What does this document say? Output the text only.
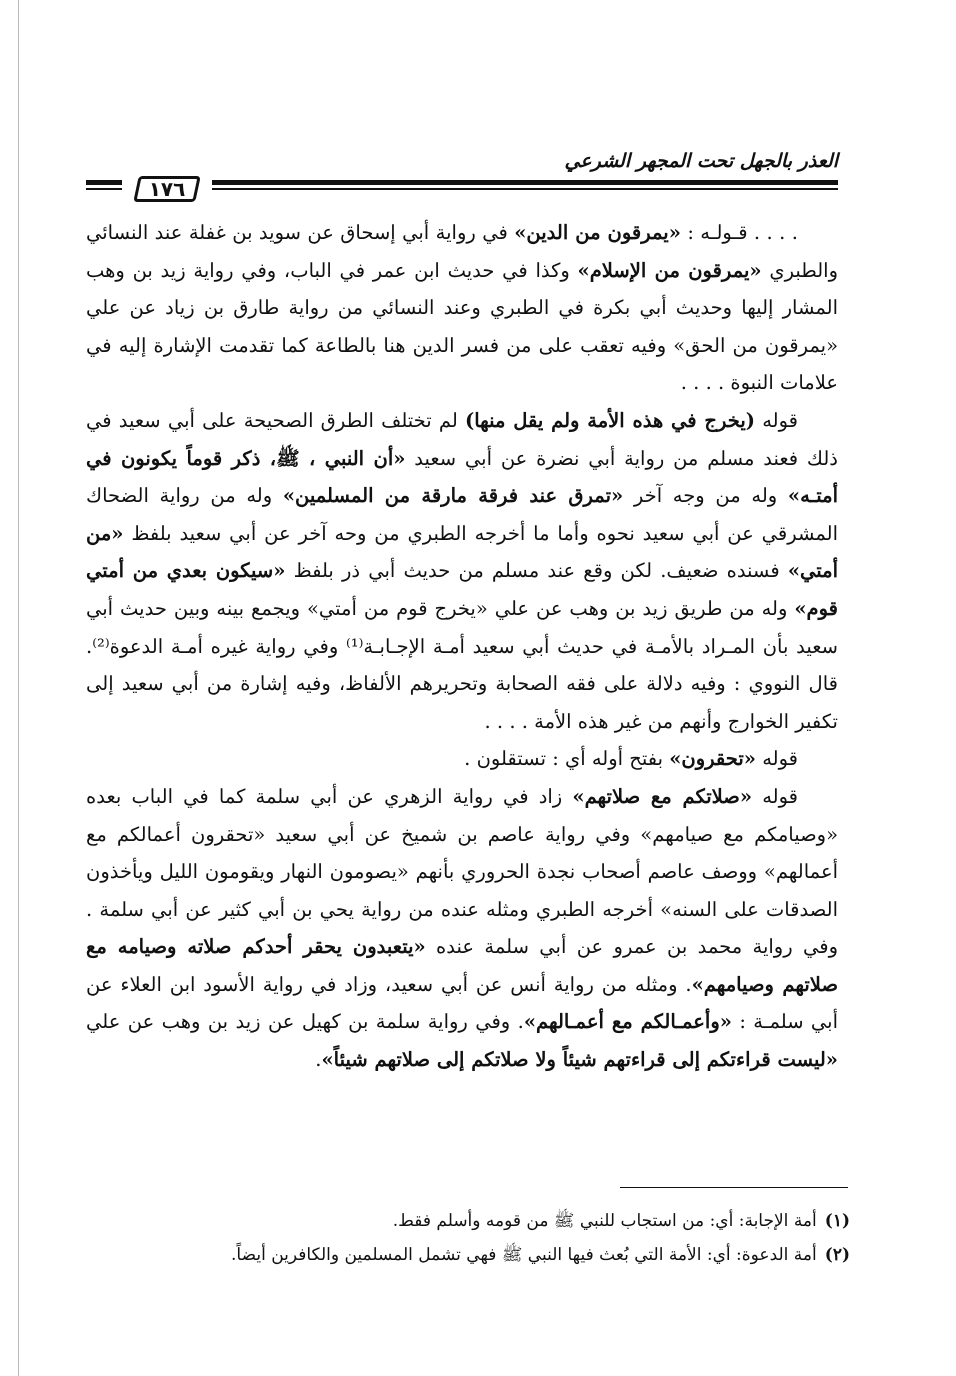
العذر بالجهل تحت المجهر الشرعي
١٧٦

. . . . قـولـه : «يمرقون من الدين» في رواية أبي إسحاق عن سويد بن غفلة عند النسائي والطبري «يمرقون من الإسلام» وكذا في حديث ابن عمر في الباب، وفي رواية زيد بن وهب المشار إليها وحديث أبي بكرة في الطبري وعند النسائي من رواية طارق بن زياد عن علي «يمرقون من الحق» وفيه تعقب على من فسر الدين هنا بالطاعة كما تقدمت الإشارة إليه في علامات النبوة . . . .

قوله (يخرج في هذه الأمة ولم يقل منها) لم تختلف الطرق الصحيحة على أبي سعيد في ذلك فعند مسلم من رواية أبي نضرة عن أبي سعيد «أن النبي ، ﷺ، ذكر قوماً يكونون في أمتـه» وله من وجه آخر «تمرق عند فرقة مارقة من المسلمين» وله من رواية الضحاك المشرقي عن أبي سعيد نحوه وأما ما أخرجه الطبري من وحه آخر عن أبي سعيد بلفظ «من أمتي» فسنده ضعيف. لكن وقع عند مسلم من حديث أبي ذر بلفظ «سيكون بعدي من أمتي قوم» وله من طريق زيد بن وهب عن علي «يخرج قوم من أمتي» ويجمع بينه وبين حديث أبي سعيد بأن المـراد بالأمـة في حديث أبي سعيد أمـة الإجـابـة⁽¹⁾ وفي رواية غيره أمـة الدعوة⁽²⁾. قال النووي : وفيه دلالة على فقه الصحابة وتحريرهم الألفاظ، وفيه إشارة من أبي سعيد إلى تكفير الخوارج وأنهم من غير هذه الأمة . . . .

قوله «تحقرون» بفتح أوله أي : تستقلون .

قوله «صلاتكم مع صلاتهم» زاد في رواية الزهري عن أبي سلمة كما في الباب بعده «وصيامكم مع صيامهم» وفي رواية عاصم بن شميخ عن أبي سعيد «تحقرون أعمالكم مع أعمالهم» ووصف عاصم أصحاب نجدة الحروري بأنهم «يصومون النهار ويقومون الليل ويأخذون الصدقات على السنه» أخرجه الطبري ومثله عنده من رواية يحي بن أبي كثير عن أبي سلمة . وفي رواية محمد بن عمرو عن أبي سلمة عنده «يتعبدون يحقر أحدكم صلاته وصيامه مع صلاتهم وصيامهم». ومثله من رواية أنس عن أبي سعيد، وزاد في رواية الأسود ابن العلاء عن أبي سلمـة : «وأعمـالكم مع أعمـالهم». وفي رواية سلمة بن كهيل عن زيد بن وهب عن علي «ليست قراءتكم إلى قراءتهم شيئاً ولا صلاتكم إلى صلاتهم شيئاً».

(١)أمة الإجابة: أي: من استجاب للنبي ﷺ من قومه وأسلم فقط.

(٢)أمة الدعوة: أي: الأمة التي بُعث فيها النبي ﷺ فهي تشمل المسلمين والكافرين أيضاً.
